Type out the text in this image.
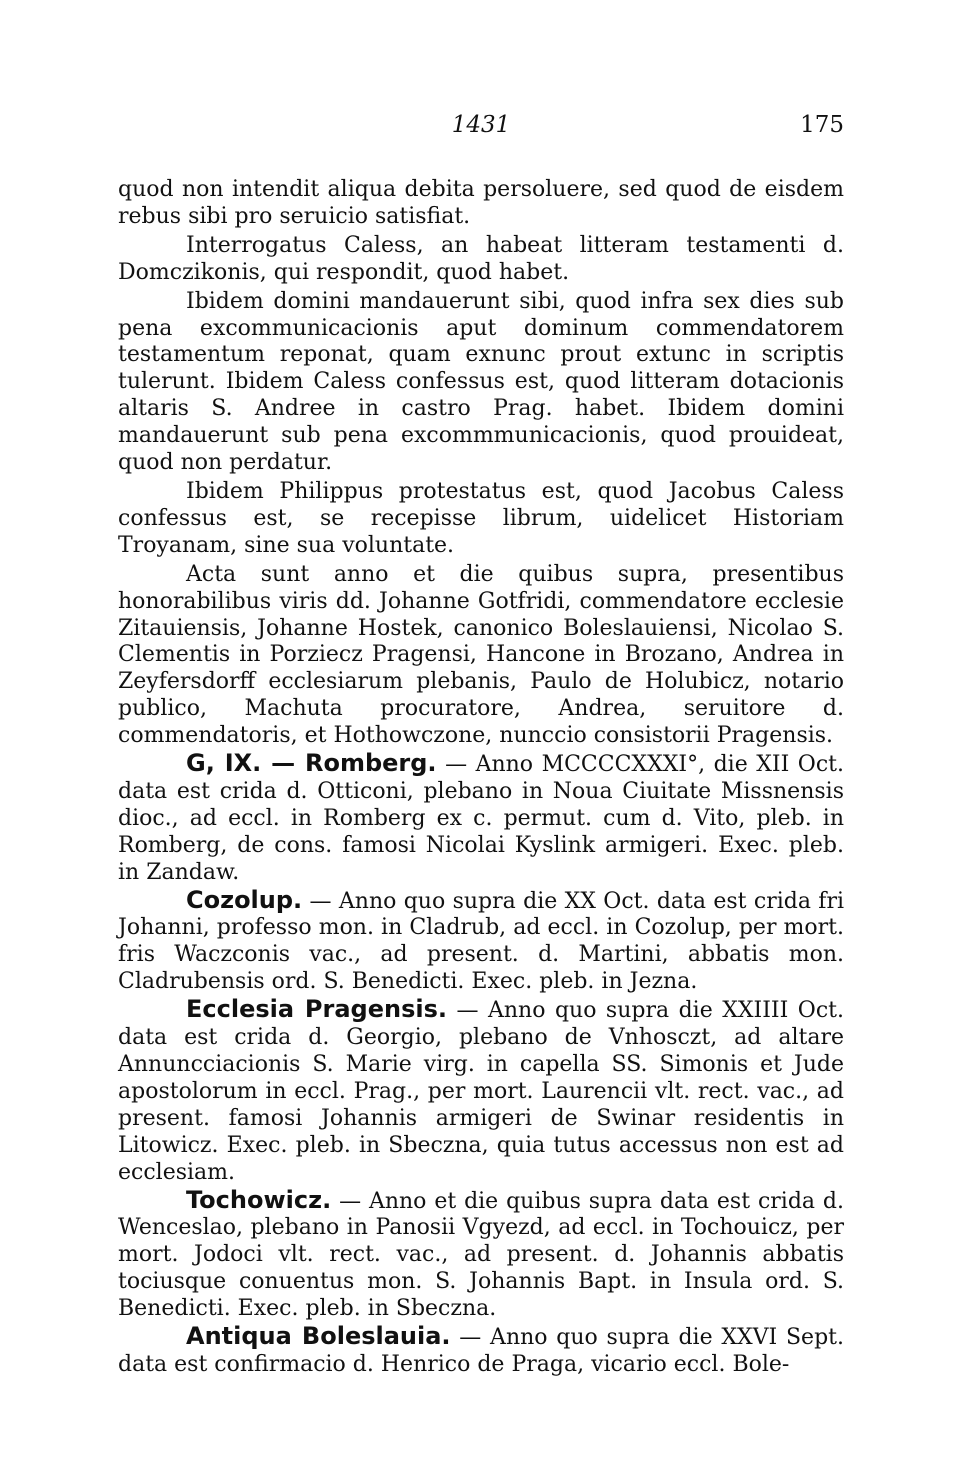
1431	175

quod non intendit aliqua debita persoluere, sed quod de eisdem rebus sibi pro seruicio satisfiat.

Interrogatus Caless, an habeat litteram testamenti d. Domczikonis, qui respondit, quod habet.

Ibidem domini mandauerunt sibi, quod infra sex dies sub pena excommunicacionis aput dominum commendatorem testamentum reponat, quam exnunc prout extunc in scriptis tulerunt. Ibidem Caless confessus est, quod litteram dotacionis altaris S. Andree in castro Prag. habet. Ibidem domini mandauerunt sub pena excommmunicacionis, quod prouideat, quod non perdatur.

Ibidem Philippus protestatus est, quod Jacobus Caless confessus est, se recepisse librum, uidelicet Historiam Troyanam, sine sua voluntate.

Acta sunt anno et die quibus supra, presentibus honorabilibus viris dd. Johanne Gotfridi, commendatore ecclesie Zitauiensis, Johanne Hostek, canonico Boleslauiensi, Nicolao S. Clementis in Porziecz Pragensi, Hancone in Brozano, Andrea in Zeyfersdorff ecclesiarum plebanis, Paulo de Holubicz, notario publico, Machuta procuratore, Andrea, seruitore d. commendatoris, et Hothowczone, nunccio consistorii Pragensis.

G, IX. — Romberg. — Anno MCCCCXXXI°, die XII Oct. data est crida d. Otticoni, plebano in Noua Ciuitate Missnensis dioc., ad eccl. in Romberg ex c. permut. cum d. Vito, pleb. in Romberg, de cons. famosi Nicolai Kyslink armigeri. Exec. pleb. in Zandaw.

Cozolup. — Anno quo supra die XX Oct. data est crida fri Johanni, professo mon. in Cladrub, ad eccl. in Cozolup, per mort. fris Waczconis vac., ad present. d. Martini, abbatis mon. Cladrubensis ord. S. Benedicti. Exec. pleb. in Jezna.

Ecclesia Pragensis. — Anno quo supra die XXIIII Oct. data est crida d. Georgio, plebano de Vnhosczt, ad altare Annuncciacionis S. Marie virg. in capella SS. Simonis et Jude apostolorum in eccl. Prag., per mort. Laurencii vlt. rect. vac., ad present. famosi Johannis armigeri de Swinar residentis in Litowicz. Exec. pleb. in Sbeczna, quia tutus accessus non est ad ecclesiam.

Tochowicz. — Anno et die quibus supra data est crida d. Wenceslao, plebano in Panosii Vgyezd, ad eccl. in Tochouicz, per mort. Jodoci vlt. rect. vac., ad present. d. Johannis abbatis tociusque conuentus mon. S. Johannis Bapt. in Insula ord. S. Benedicti. Exec. pleb. in Sbeczna.

Antiqua Boleslauia. — Anno quo supra die XXVI Sept. data est confirmacio d. Henrico de Praga, vicario eccl. Bole-
